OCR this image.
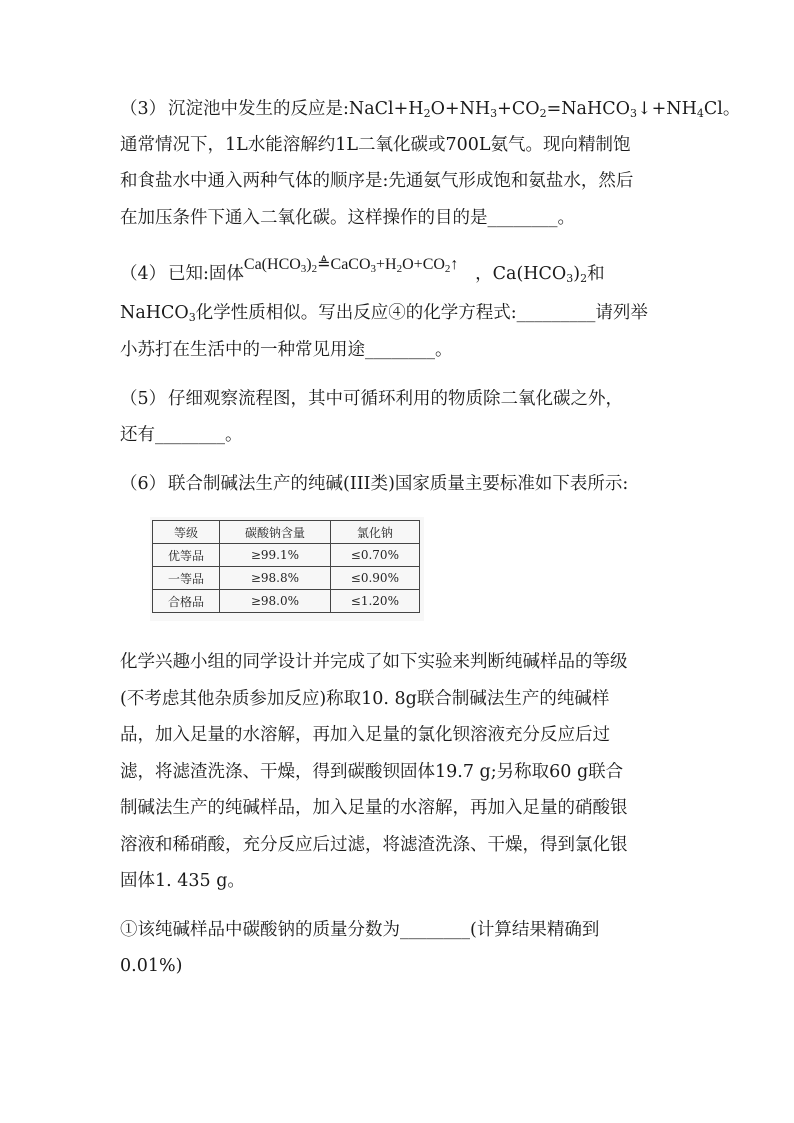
（3） 沉淀池中发生的反应是$:NaCl+H_2O+NH_3+CO_2=NaHCO_3↓+NH_4Cl$。
通常情况下，1L水能溶解约1L二氧化碳或700L氨气。现向精制饱
和食盐水中通入两种气体的顺序是:先通氨气形成饱和氨盐水，然后
在加压条件下通入二氧化碳。这样操作的目的是________。
（4） 已知:固体$Ca(HCO_3)_2≜CaCO_3+H_2O+CO_2↑$ ，$Ca(HCO_3)_2$和
NaHCO$_3$化学性质相似。写出反应④的化学方程式:_________请列举
小苏打在生活中的一种常见用途________。
（5） 仔细观察流程图，其中可循环利用的物质除二氧化碳之外，
还有________。
（6） 联合制碱法生产的纯碱(III类)国家质量主要标准如下表所示:
等级	碳酸钠含量	氯化钠
优等品	≥99.1%	≤0.70%
一等品	≥98.8%	≤0.90%
合格品	≥98.0%	≤1.20%
化学兴趣小组的同学设计并完成了如下实验来判断纯碱样品的等级
(不考虑其他杂质参加反应)称取10. 8g联合制碱法生产的纯碱样
品，加入足量的水溶解，再加入足量的氯化钡溶液充分反应后过
滤，将滤渣洗涤、干燥，得到碳酸钡固体19.7 g;另称取60 g联合
制碱法生产的纯碱样品，加入足量的水溶解，再加入足量的硝酸银
溶液和稀硝酸，充分反应后过滤，将滤渣洗涤、干燥，得到氯化银
固体1. 435 g。
①该纯碱样品中碳酸钠的质量分数为________(计算结果精确到
0.01%)
